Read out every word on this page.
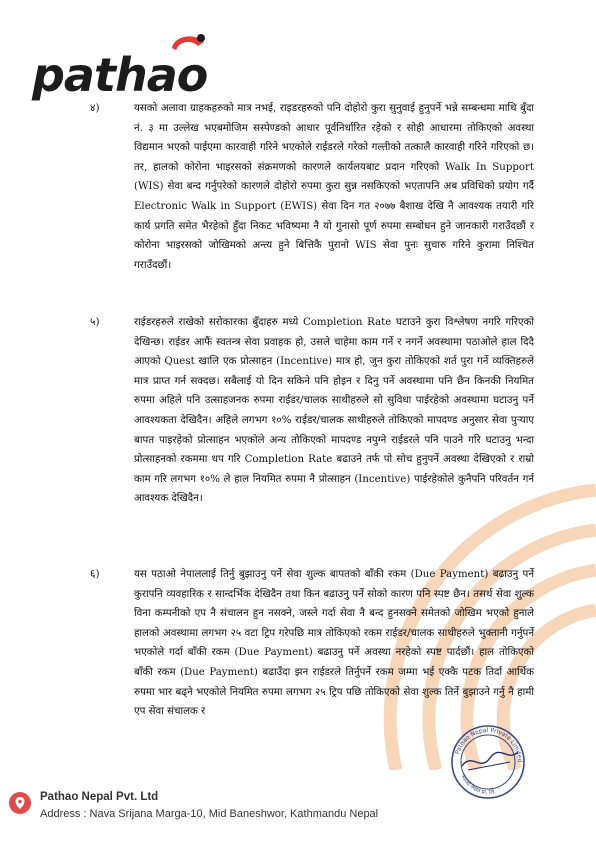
pathao
४)	यसको अलावा ग्राहकहरुको मात्र नभई, राइडरहरुको पनि दोहोरो कुरा सुनुवाई हुनुपर्ने भन्ने सम्बन्धमा माथि बुँदा नं. ३ मा उल्लेख भएबमोजिम सस्पेण्डको आधार पूर्वनिर्धारित रहेको र सोही आधारमा तोकिएको अवस्था विद्यमान भएको पाईएमा कारवाही गरिने भएकोले राईडरले गरेको गल्तीको तत्कालै कारवाही गरिने गरिएको छ। तर, हालको कोरोना भाइरसको संक्रमणको कारणले कार्यलयबाट प्रदान गरिएको Walk In Support (WIS) सेवा बन्द गर्नुपरेको कारणले दोहोरो रुपमा कुरा सुन्न नसकिएको भएतापनि अब प्रविधिको प्रयोग गर्दै Electronic Walk in Support (EWIS) सेवा दिन गत २०७७ बैशाख देखि नै आवश्यक तयारी गरि कार्य प्रगति समेत भैरहेको हुँदा निकट भविष्यमा नै यो गुनासो पूर्ण रुपमा सम्बोधन हुने जानकारी गराउँदछौं र कोरोना भाइरसको जोखिमको अन्त्य हुने बित्तिकै पुरानो WIS सेवा पुनः सुचारु गरिने कुरामा निश्चित गराउँदछौं।
५)	राईडरहरुले राखेको सरोकारका बुँदाहरु मध्ये Completion Rate घटाउने कुरा विश्लेषण नगरि गरिएको देखिन्छ। राईडर आफैं स्वतन्त्र सेवा प्रवाहक हो, उसले चाहेमा काम गर्ने र नगर्ने अवस्थामा पठाओले हाल दिदै आएको Quest खालि एक प्रोत्साहन (Incentive) मात्र हो, जुन कुरा तोकिएको शर्त पुरा गर्ने व्यक्तिहरुले मात्र प्राप्त गर्न सक्दछ। सबैलाई यो दिन सकिने पनि होइन र दिनु पर्ने अवस्थामा पनि छैन किनकी नियमित रुपमा अहिले पनि उत्साहजनक रुपमा राईडर/चालक साथीहरुले सो सुविधा पाईरहेको अवस्थामा घटाउनु पर्ने आवश्यकता देखिदैन। अहिले लगभग १०% राईडर/चालक साथीहरुले तोकिएको मापदण्ड अनुसार सेवा पुऱ्याए बापत पाइरहेको प्रोत्साहन भएकोले अन्य तोकिएको मापदण्ड नपुग्ने राईडरले पनि पाउने गरि घटाउनु भन्दा प्रोत्साहनको रकममा थप गरि Completion Rate बढाउने तर्फ पो सोच हुनुपर्ने अवस्था देखिएको र राम्रो काम गरि लगभग १०% ले हाल नियमित रुपमा नै प्रोत्साहन (Incentive) पाईरहेकोले कुनैपनि परिवर्तन गर्न आवश्यक देखिदैन।
६)	यस पठाओ नेपाललाई तिर्नु बुझाउनु पर्ने सेवा शुल्क बापतको बाँकी रकम (Due Payment) बढाउनु पर्ने कुरापनि व्यवहारिक र सान्दर्भिक देखिदैन तथा किन बढाउनु पर्ने सोको कारण पनि स्पष्ट छैन। तसर्थ सेवा शुल्क विना कम्पनीको एप नै संचालन हुन नसक्ने, जस्ले गर्दा सेवा नै बन्द हुनसक्ने समेतको जोखिम भएको हुनाले हालको अवस्थामा लगभग २५ वटा ट्रिप गरेपछि मात्र तोकिएको रकम राईडर/चालक साथीहरुले भुक्तानी गर्नुपर्ने भएकोले गर्दा बाँकी रकम (Due Payment) बढाउनु पर्ने अवस्था नरहेको स्पष्ट पार्दछौं। हाल तोकिएको बाँकी रकम (Due Payment) बढाउँदा झन राईडरले तिर्नुपर्ने रकम जम्मा भई एक्कै पटक तिर्दा आर्थिक रुपमा भार बढ्ने भएकोले नियमित रुपमा लगभग २५ ट्रिप पछि तोकिएको सेवा शुल्क तिर्ने बुझाउने गर्नु नै हामी एप सेवा संचालक र
Pathao Nepal Private Limited
पठाओ नेपाल प्रा. लि.
Pathao Nepal Pvt. Ltd
Address : Nava Srijana Marga-10, Mid Baneshwor, Kathmandu Nepal
